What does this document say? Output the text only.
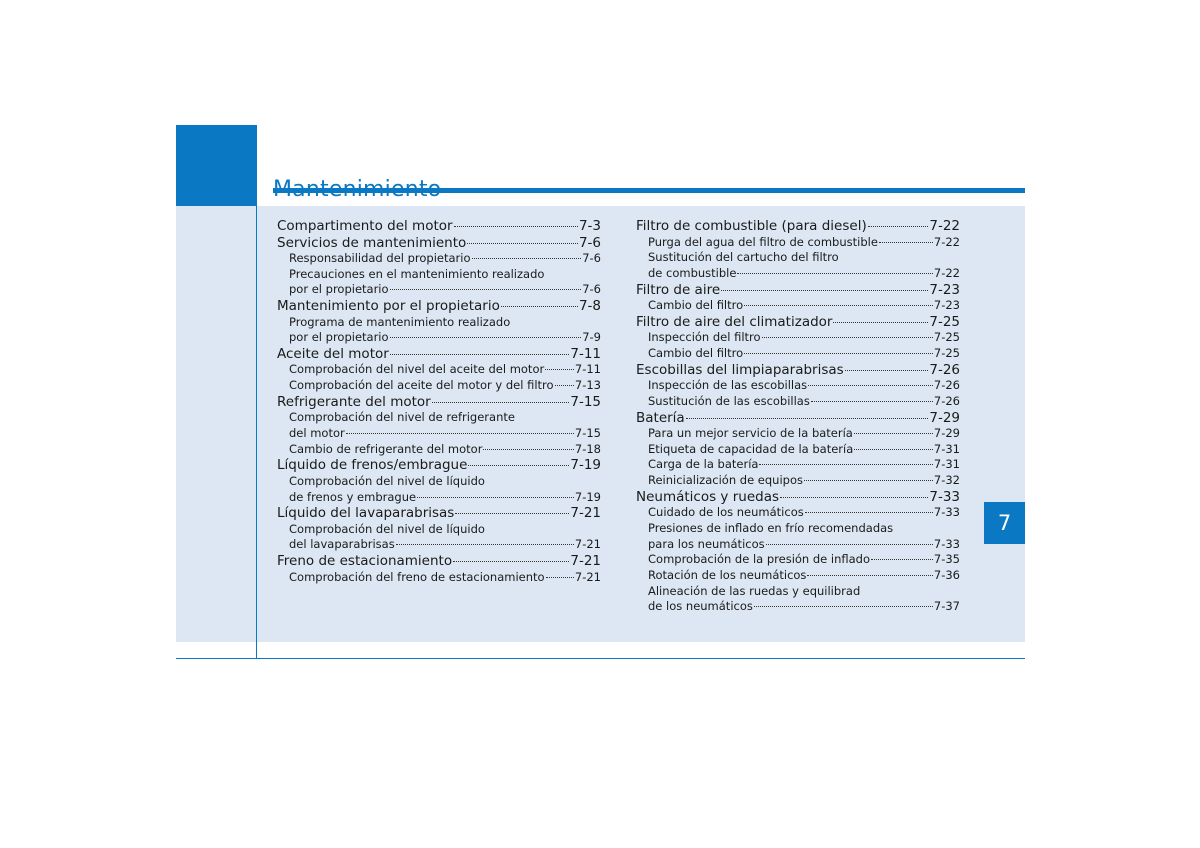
7
Compartimento del motor	7-3
Servicios de mantenimiento	7-6
Responsabilidad del propietario	7-6
Precauciones en el mantenimiento realizado
por el propietario	7-6
Mantenimiento por el propietario	7-8
Programa de mantenimiento realizado
por el propietario	7-9
Aceite del motor	7-11
Comprobación del nivel del aceite del motor	7-11
Comprobación del aceite del motor y del filtro 7-13
Refrigerante del motor	7-15
Comprobación del nivel de refrigerante
del motor	7-15
Cambio de refrigerante del motor	7-18
Líquido de frenos/embrague	7-19
Comprobación del nivel de líquido
de frenos y embrague	7-19
Líquido del lavaparabrisas	7-21
Comprobación del nivel de líquido
del lavaparabrisas	7-21
Freno de estacionamiento	7-21
Comprobación del freno de estacionamiento	7-21
Filtro de combustible (para diesel)	7-22
Purga del agua del filtro de combustible	7-22
Sustitución del cartucho del filtro
de combustible	7-22
Filtro de aire	7-23
Cambio del filtro	7-23
Filtro de aire del climatizador	7-25
Inspección del filtro	7-25
Cambio del filtro	7-25
Escobillas del limpiaparabrisas	7-26
Inspección de las escobillas	7-26
Sustitución de las escobillas	7-26
Batería	7-29
Para un mejor servicio de la batería	7-29
Etiqueta de capacidad de la batería	7-31
Carga de la batería	7-31
Reinicialización de equipos	7-32
Neumáticos y ruedas	7-33
Cuidado de los neumáticos	7-33
Presiones de inflado en frío recomendadas
para los neumáticos	7-33
Comprobación de la presión de inflado	7-35
Rotación de los neumáticos	7-36
Alineación de las ruedas y equilibrad
de los neumáticos	7-37
